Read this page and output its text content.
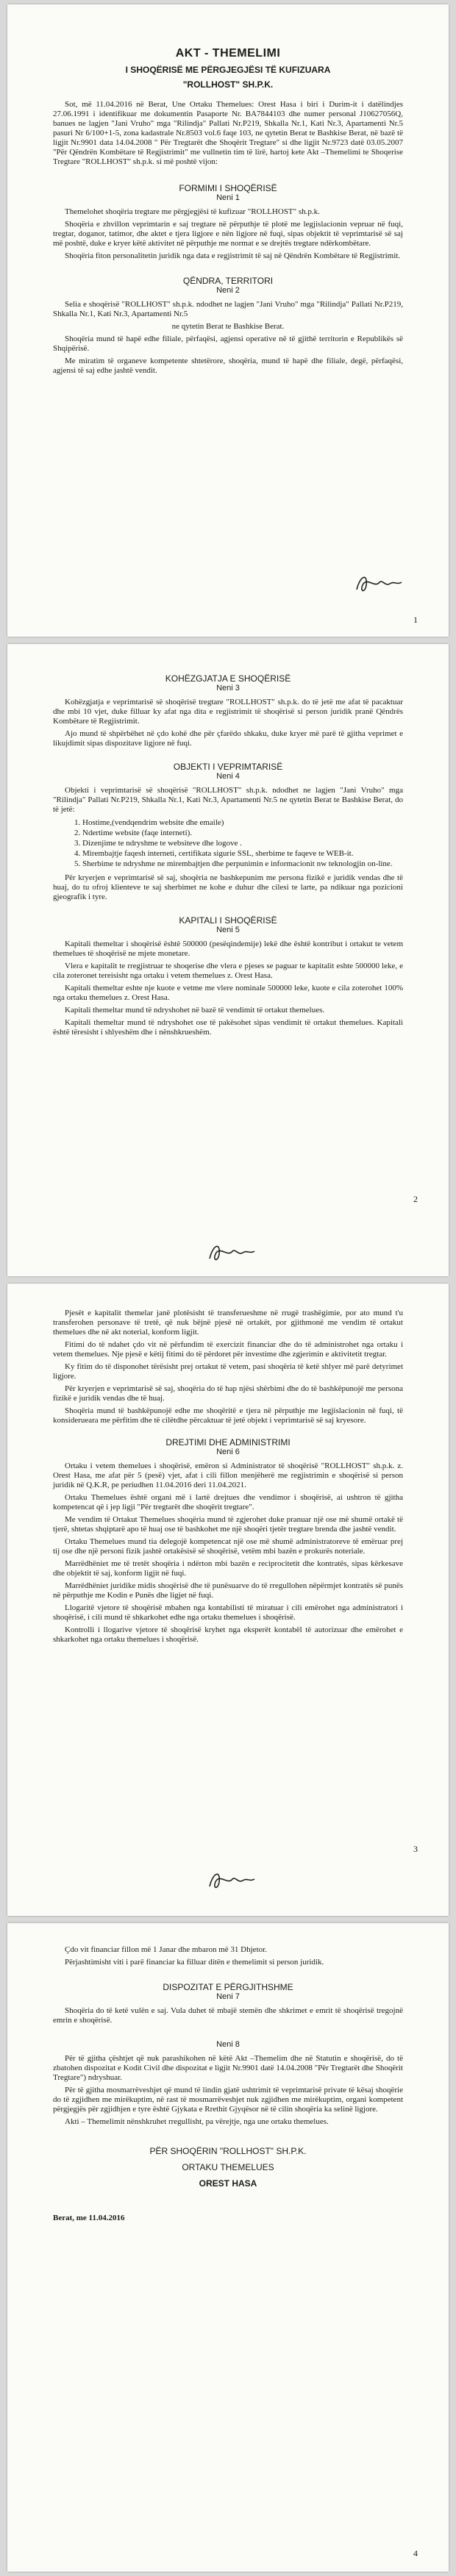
AKT - THEMELIMI
I SHOQËRISË ME PËRGJEGJËSI TË KUFIZUARA
"ROLLHOST" SH.P.K.

Sot, më 11.04.2016 në Berat, Une Ortaku Themelues: Orest Hasa i biri i Durim-it i datëlindjes 27.06.1991 i identifikuar me dokumentin Pasaporte Nr. BA7844103 dhe numer personal J10627056Q, banues ne lagjen "Jani Vruho" mga "Rilindja" Pallati Nr.P219, Shkalla Nr.1, Kati Nr.3, Apartamenti Nr.5 pasuri Nr 6/100+1-5, zona kadastrale Nr.8503 vol.6 faqe 103, ne qytetin Berat te Bashkise Berat, në bazë të ligjit Nr.9901 data 14.04.2008 " Për Tregtarët dhe Shoqërit Tregtare" si dhe ligjit Nr.9723 datë 03.05.2007 "Për Qëndrën Kombëtare të Regjistrimit" me vullnetin tim të lirë, hartoj kete Akt –Themelimi te Shoqerise Tregtare "ROLLHOST" sh.p.k. si më poshtë vijon:

FORMIMI I SHOQËRISË
Neni 1

Themelohet shoqëria tregtare me përgjegjësi të kufizuar "ROLLHOST" sh.p.k.

Shoqëria e zhvillon veprimtarin e saj tregtare në përputhje të plotë me legjislacionin vepruar në fuqi, tregtar, doganor, tatimor, dhe aktet e tjera ligjore e nën ligjore në fuqi, sipas objektit të veprimtarisë së saj më poshtë, duke e kryer këtë aktivitet në përputhje me normat e se drejtës tregtare ndërkombëtare.

Shoqëria fiton personalitetin juridik nga data e regjistrimit të saj në Qëndrën Kombëtare të Regjistrimit.

QËNDRA, TERRITORI
Neni 2

Selia e shoqërisë "ROLLHOST" sh.p.k. ndodhet ne lagjen "Jani Vruho" mga "Rilindja" Pallati Nr.P219, Shkalla Nr.1, Kati Nr.3, Apartamenti Nr.5

ne qytetin Berat te Bashkise Berat.

Shoqëria mund të hapë edhe filiale, përfaqësi, agjensi operative në të gjithë territorin e Republikës së Shqipërisë.

Me miratim të organeve kompetente shtetërore, shoqëria, mund të hapë dhe filiale, degë, përfaqësi, agjensi të saj edhe jashtë vendit.

1
KOHËZGJATJA E SHOQËRISË
Neni 3

Kohëzgjatja e veprimtarisë së shoqërisë tregtare "ROLLHOST" sh.p.k. do të jetë me afat të pacaktuar dhe mbi 10 vjet, duke filluar ky afat nga dita e regjistrimit të shoqërisë si person juridik pranë Qëndrës Kombëtare të Regjistrimit.

Ajo mund të shpërbëhet në çdo kohë dhe për çfarëdo shkaku, duke kryer më parë të gjitha veprimet e likujdimit sipas dispozitave ligjore në fuqi.

OBJEKTI I VEPRIMTARISË
Neni 4

Objekti i veprimtarisë së shoqërisë "ROLLHOST" sh.p.k. ndodhet ne lagjen "Jani Vruho" mga "Rilindja" Pallati Nr.P219, Shkalla Nr.1, Kati Nr.3, Apartamenti Nr.5 ne qytetin Berat te Bashkise Berat, do të jetë:

1. Hostime,(vendqendrim website dhe emaile)
2. Ndertime website (faqe interneti).
3. Dizenjime te ndryshme te websiteve dhe logove .
4. Mirembajtje faqesh interneti, certifikata sigurie SSL, sherbime te faqeve te WEB-it.
5. Sherbime te ndryshme ne mirembajtjen dhe perpunimin e informacionit nw teknologjin on-line.

Për kryerjen e veprimtarisë së saj, shoqëria ne bashkepunim me persona fizikë e juridik vendas dhe të huaj, do tu ofroj klienteve te saj sherbimet ne kohe e duhur dhe cilesi te larte, pa ndikuar nga pozicioni gjeografik i tyre.

KAPITALI I SHOQËRISË
Neni 5

Kapitali themeltar i shoqërisë është 500000 (pesëqindemije) lekë dhe është kontribut i ortakut te vetem themelues të shoqërisë ne mjete monetare.

Vlera e kapitalit te rregjistruar te shoqerise dhe vlera e pjeses se paguar te kapitalit eshte 500000 leke, e cila zoteronet tereisisht nga ortaku i vetem themelues z. Orest Hasa.

Kapitali themeltar eshte nje kuote e vetme me vlere nominale 500000 leke, kuote e cila zoterohet 100% nga ortaku themelues z. Orest Hasa.

Kapitali themeltar mund të ndryshohet në bazë të vendimit të ortakut themelues.

Kapitali themeltar mund të ndryshohet ose të pakësohet sipas vendimit të ortakut themelues. Kapitali është tëresisht i shlyeshëm dhe i nënshkrueshëm.

2

Pjesët e kapitalit themelar janë plotësisht të transferueshme në rrugë trashëgimie, por ato mund t'u transferohen personave të tretë, që nuk bëjnë pjesë në ortakët, por gjithmonë me vendim të ortakut themelues dhe në akt noterial, konform ligjit.

Fitimi do të ndahet çdo vit në përfundim të exercizit financiar dhe do të administrohet nga ortaku i vetem themelues. Nje pjesë e këtij fitimi do të përdoret për investime dhe zgjerimin e aktivitetit tregtar.

Ky fitim do të disponohet tërësisht prej ortakut të vetem, pasi shoqëria të ketë shlyer më parë detyrimet ligjore.

Për kryerjen e veprimtarisë së saj, shoqëria do të hap njësi shërbimi dhe do të bashkëpunojë me persona fizikë e juridik vendas dhe të huaj.

Shoqëria mund të bashkëpunojë edhe me shoqëritë e tjera në përputhje me legjislacionin në fuqi, të konsiderueara me përfitim dhe të cilëtdhe përcaktuar të jetë objekt i veprimtarisë së saj kryesore.

DREJTIMI DHE ADMINISTRIMI
Neni 6

Ortaku i vetem themelues i shoqërisë, emëron si Administrator të shoqërisë "ROLLHOST" sh.p.k. z. Orest Hasa, me afat për 5 (pesë) vjet, afat i cili fillon menjëherë me regjistrimin e shoqërisë si person juridik në Q.K.R, pe periudhen 11.04.2016 deri 11.04.2021.

Ortaku Themelues është organi më i lartë drejtues dhe vendimor i shoqërisë, ai ushtron të gjitha kompetencat që i jep ligji "Për tregtarët dhe shoqërit tregtare".

Me vendim të Ortakut Themelues shoqëria mund të zgjerohet duke pranuar një ose më shumë ortakë të tjerë, shtetas shqiptarë apo të huaj ose të bashkohet me një shoqëri tjetër tregtare brenda dhe jashtë vendit.

Ortaku Themelues mund tia delegojë kompetencat një ose më shumë administratoreve të emëruar prej tij ose dhe një personi fizik jashtë ortakësisë së shoqërisë, vetëm mbi bazën e prokurës noteriale.

Marrëdhëniet me të tretët shoqëria i ndërton mbi bazën e reciprocitetit dhe kontratës, sipas kërkesave dhe objektit të saj, konform ligjit në fuqi.

Marrëdhëniet juridike midis shoqërisë dhe të punësuarve do të rregullohen nëpërmjet kontratës së punës në përputhje me Kodin e Punës dhe ligjet në fuqi.

Llogaritë vjetore të shoqërisë mbahen nga kontabilisti të miratuar i cili emërohet nga administratori i shoqërisë, i cili mund të shkarkohet edhe nga ortaku themelues i shoqërisë.

Kontrolli i llogarive vjetore të shoqërisë kryhet nga eksperët kontabël të autorizuar dhe emërohet e shkarkohet nga ortaku themelues i shoqërisë.

3

Çdo vit financiar fillon më 1 Janar dhe mbaron më 31 Dhjetor.

Përjashtimisht viti i parë financiar ka filluar ditën e themelimit si person juridik.

DISPOZITAT E PËRGJITHSHME
Neni 7

Shoqëria do të ketë vulën e saj. Vula duhet të mbajë stemën dhe shkrimet e emrit të shoqërisë tregojnë emrin e shoqërisë.

Neni 8

Për të gjitha çështjet që nuk parashikohen në këtë Akt –Themelim dhe në Statutin e shoqërisë, do të zbatohen dispozitat e Kodit Civil dhe dispozitat e ligjit Nr.9901 datë 14.04.2008 "Për Tregtarët dhe Shoqërit Tregtare") ndryshuar.

Për të gjitha mosmarrëveshjet që mund të lindin gjatë ushtrimit të veprimtarisë private të kësaj shoqërie do të zgjidhen me mirëkuptim, në rast të mosmarrëveshjet nuk zgjidhen me mirëkuptim, organi kompetent përgjegjës për zgjidhjen e tyre është Gjykata e Rrethit Gjyqësor në të cilin shoqëria ka selinë ligjore.

Akti – Themelimit nënshkruhet rregullisht, pa vërejtje, nga une ortaku themelues.

PËR SHOQËRIN "ROLLHOST" SH.P.K.
ORTAKU THEMELUES
OREST HASA
Berat, me 11.04.2016
4
